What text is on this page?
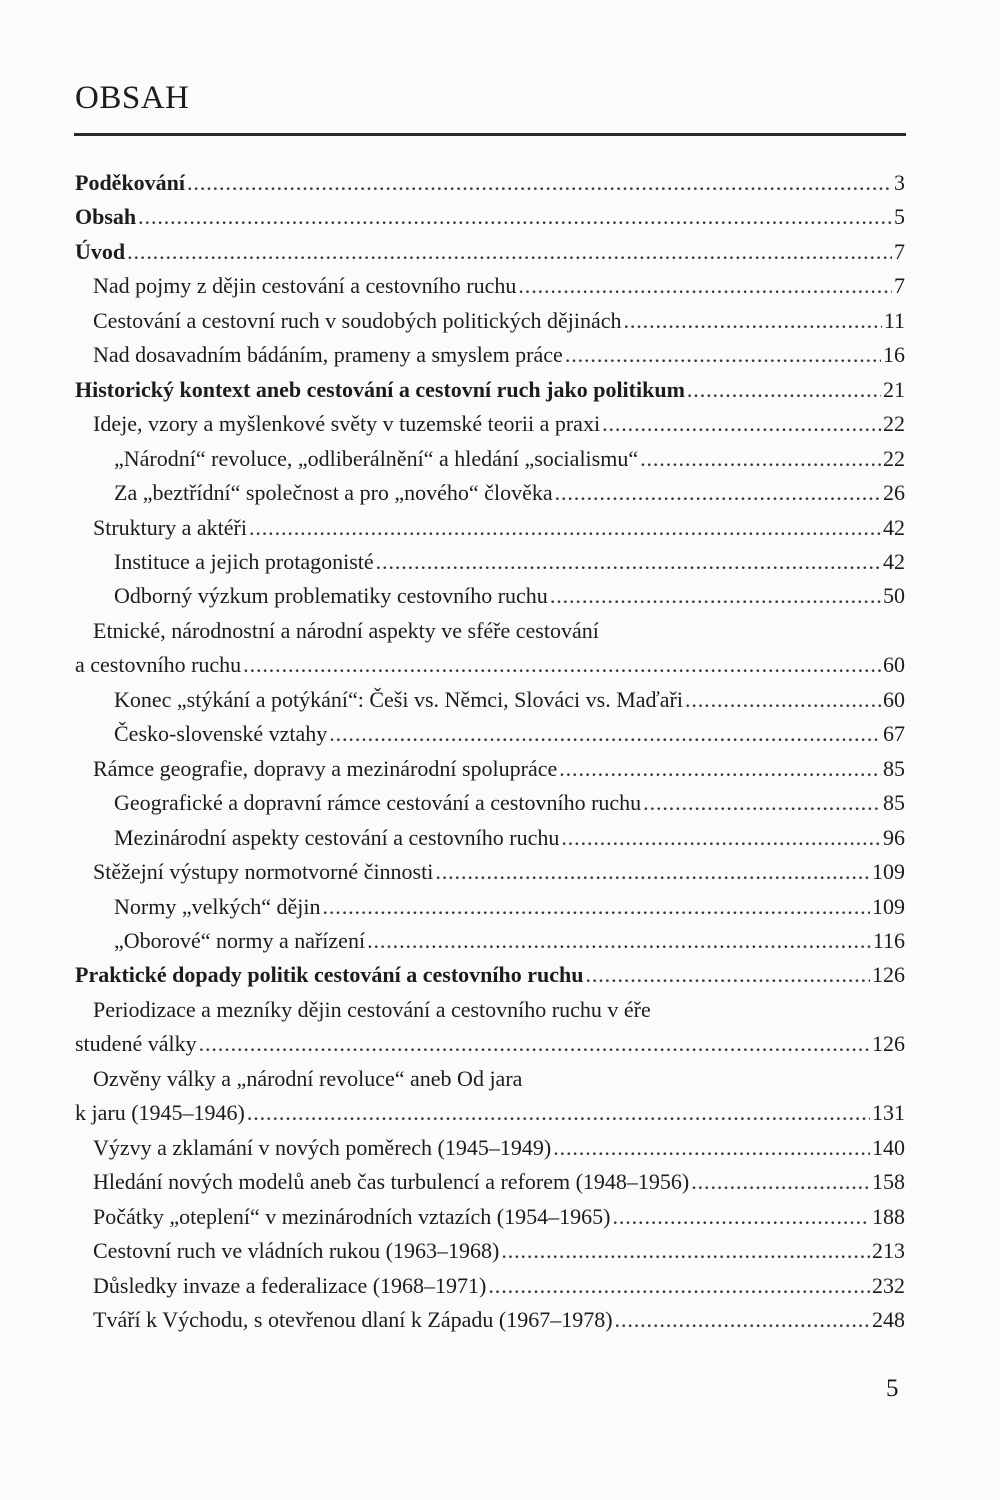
OBSAH
Poděkování . . .	3
Obsah . . .	5
Úvod . . .	7
Nad pojmy z dějin cestování a cestovního ruchu . . .	7
Cestování a cestovní ruch v soudobých politických dějinách . . .	11
Nad dosavadním bádáním, prameny a smyslem práce . . .	16
Historický kontext aneb cestování a cestovní ruch jako politikum . . .	21
Ideje, vzory a myšlenkové světy v tuzemské teorii a praxi . . .	22
„Národní“ revoluce, „odliberálnění“ a hledání „socialismu“ . . .	22
Za „beztřídní“ společnost a pro „nového“ člověka . . .	26
Struktury a aktéři . . .	42
Instituce a jejich protagonisté . . .	42
Odborný výzkum problematiky cestovního ruchu . . .	50
Etnické, národnostní a národní aspekty ve sféře cestování
a cestovního ruchu . . .	60
Konec „stýkání a potýkání“: Češi vs. Němci, Slováci vs. Maďaři . . .	60
Česko-slovenské vztahy . . .	67
Rámce geografie, dopravy a mezinárodní spolupráce . . .	85
Geografické a dopravní rámce cestování a cestovního ruchu . . .	85
Mezinárodní aspekty cestování a cestovního ruchu . . .	96
Stěžejní výstupy normotvorné činnosti . . .	109
Normy „velkých“ dějin . . .	109
„Oborové“ normy a nařízení . . .	116
Praktické dopady politik cestování a cestovního ruchu . . .	126
Periodizace a mezníky dějin cestování a cestovního ruchu v éře
studené války . . .	126
Ozvěny války a „národní revoluce“ aneb Od jara
k jaru (1945–1946) . . .	131
Výzvy a zklamání v nových poměrech (1945–1949) . . .	140
Hledání nových modelů aneb čas turbulencí a reforem (1948–1956) . . .	158
Počátky „oteplení“ v mezinárodních vztazích (1954–1965) . . .	188
Cestovní ruch ve vládních rukou (1963–1968) . . .	213
Důsledky invaze a federalizace (1968–1971) . . .	232
Tváří k Východu, s otevřenou dlaní k Západu (1967–1978) . . .	248

5
